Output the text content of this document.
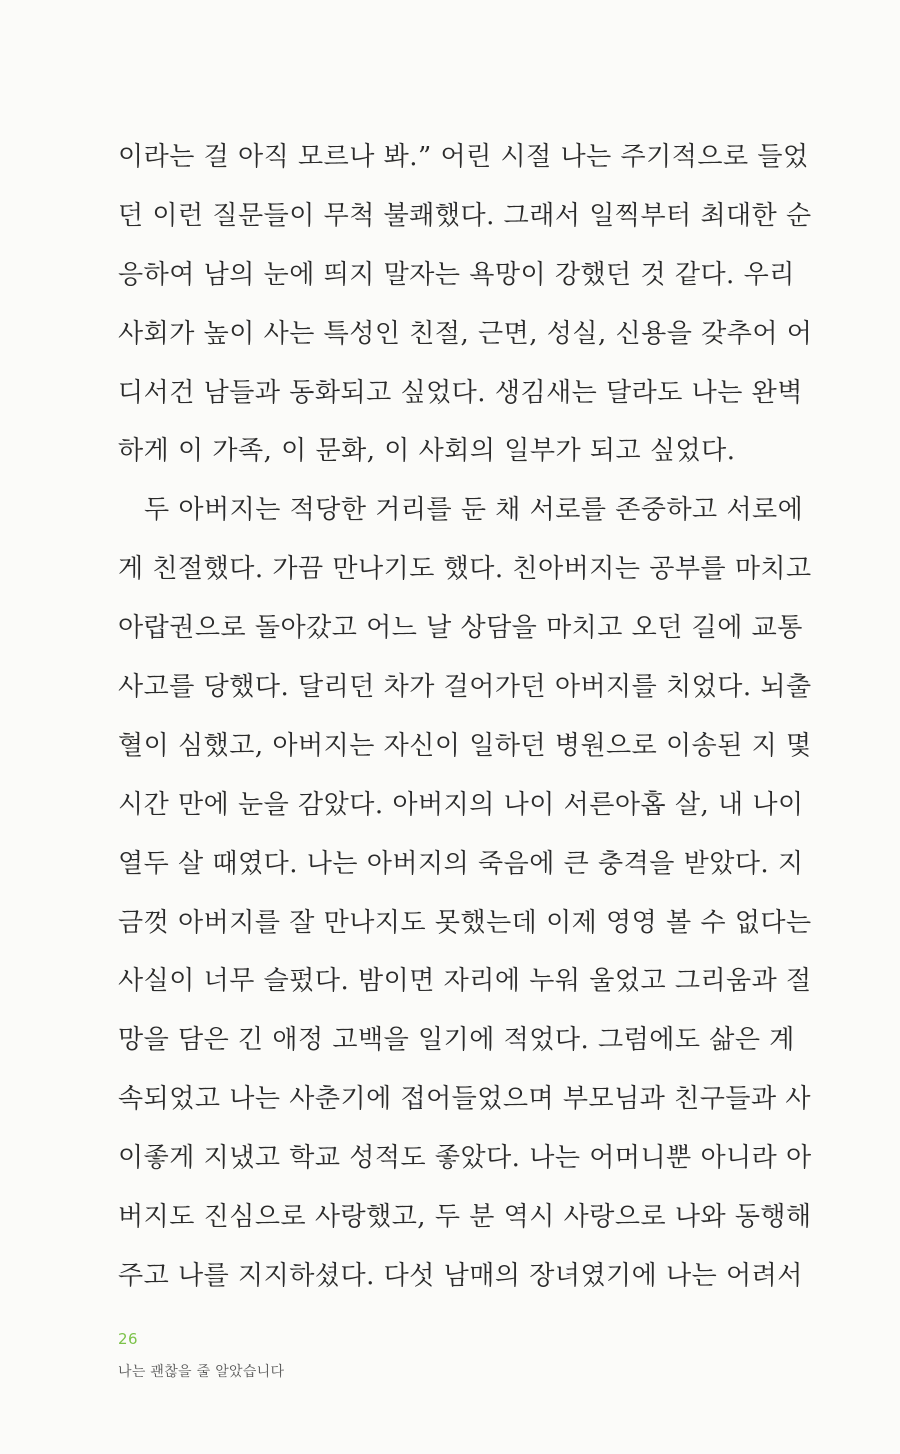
이라는 걸 아직 모르나 봐.” 어린 시절 나는 주기적으로 들었
던 이런 질문들이 무척 불쾌했다. 그래서 일찍부터 최대한 순
응하여 남의 눈에 띄지 말자는 욕망이 강했던 것 같다. 우리
사회가 높이 사는 특성인 친절, 근면, 성실, 신용을 갖추어 어
디서건 남들과 동화되고 싶었다. 생김새는 달라도 나는 완벽
하게 이 가족, 이 문화, 이 사회의 일부가 되고 싶었다.
두 아버지는 적당한 거리를 둔 채 서로를 존중하고 서로에
게 친절했다. 가끔 만나기도 했다. 친아버지는 공부를 마치고
아랍권으로 돌아갔고 어느 날 상담을 마치고 오던 길에 교통
사고를 당했다. 달리던 차가 걸어가던 아버지를 치었다. 뇌출
혈이 심했고, 아버지는 자신이 일하던 병원으로 이송된 지 몇
시간 만에 눈을 감았다. 아버지의 나이 서른아홉 살, 내 나이
열두 살 때였다. 나는 아버지의 죽음에 큰 충격을 받았다. 지
금껏 아버지를 잘 만나지도 못했는데 이제 영영 볼 수 없다는
사실이 너무 슬펐다. 밤이면 자리에 누워 울었고 그리움과 절
망을 담은 긴 애정 고백을 일기에 적었다. 그럼에도 삶은 계
속되었고 나는 사춘기에 접어들었으며 부모님과 친구들과 사
이좋게 지냈고 학교 성적도 좋았다. 나는 어머니뿐 아니라 아
버지도 진심으로 사랑했고, 두 분 역시 사랑으로 나와 동행해
주고 나를 지지하셨다. 다섯 남매의 장녀였기에 나는 어려서
26
나는 괜찮을 줄 알았습니다
